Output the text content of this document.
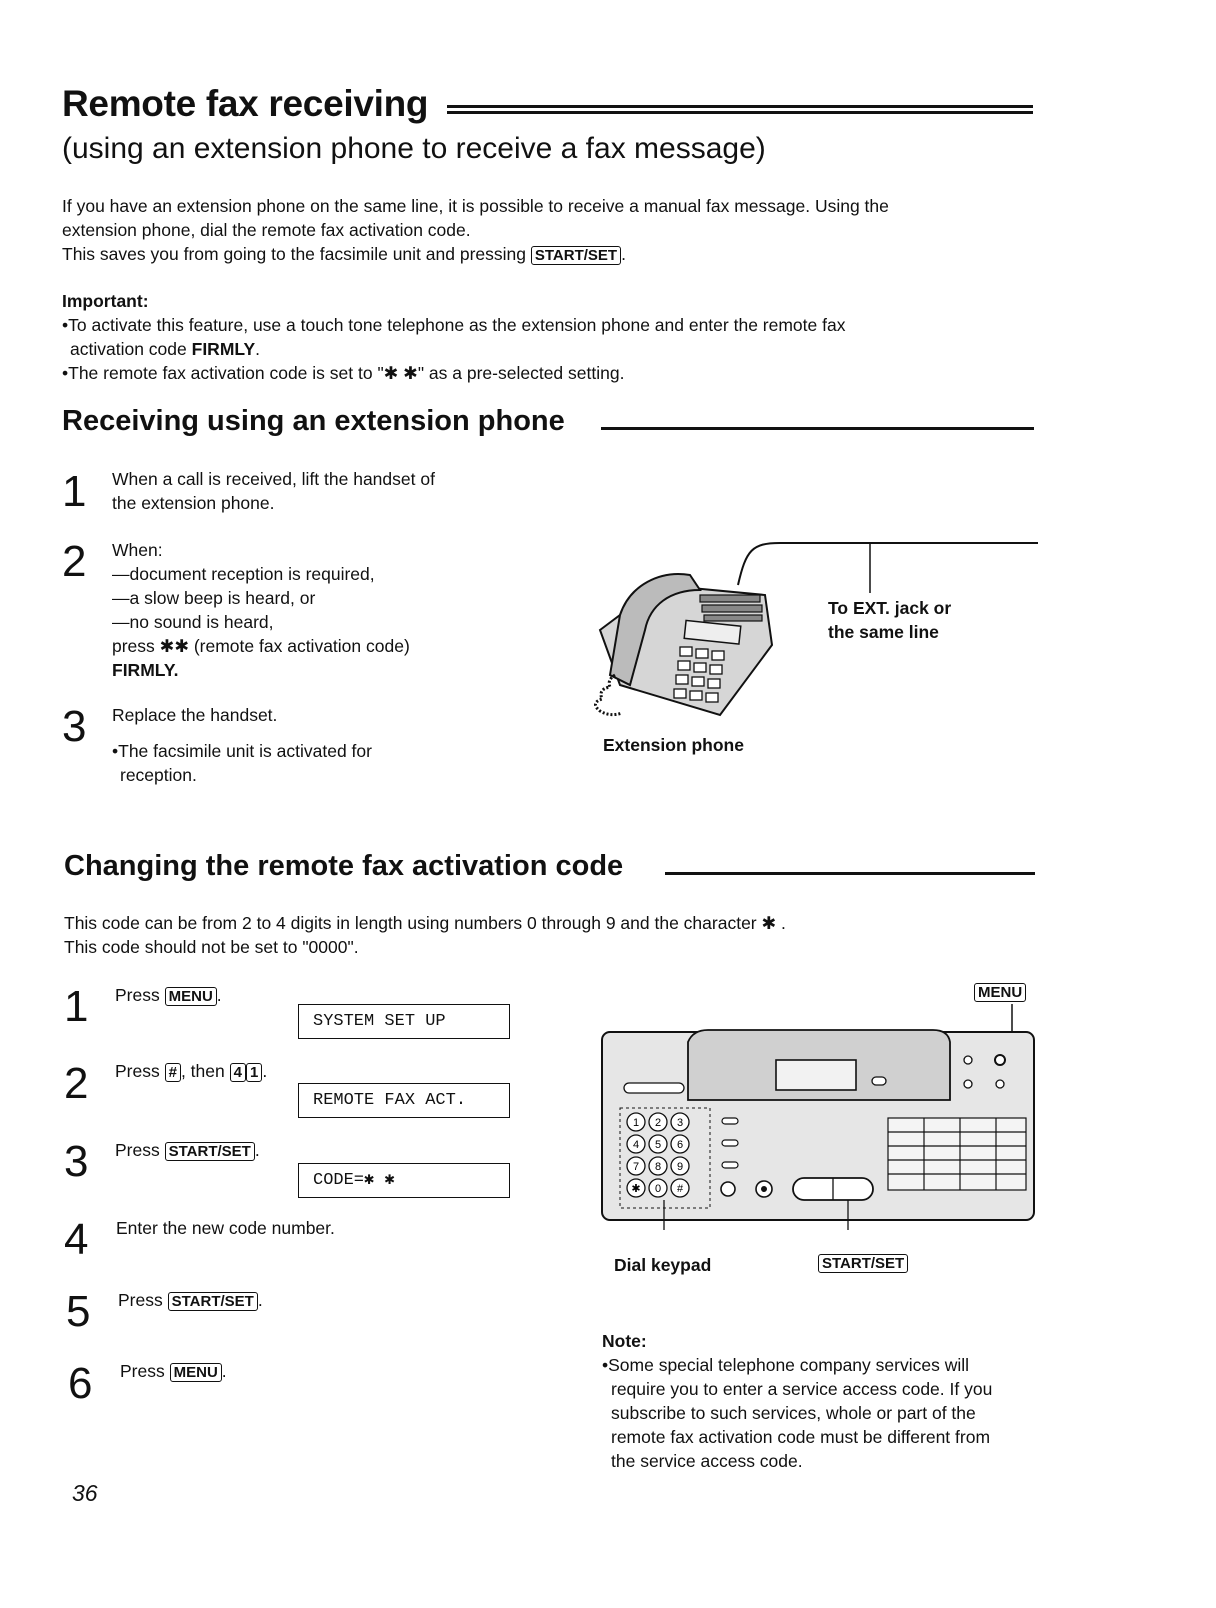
Remote fax receiving
(using an extension phone to receive a fax message)
If you have an extension phone on the same line, it is possible to receive a manual fax message. Using the
extension phone, dial the remote fax activation code.
This saves you from going to the facsimile unit and pressing START/SET .
Important:
•To activate this feature, use a touch tone telephone as the extension phone and enter the remote fax
activation code FIRMLY.
•The remote fax activation code is set to "✱ ✱" as a pre-selected setting.
Receiving using an extension phone
1 When a call is received, lift the handset of
the extension phone.
2 When:
—document reception is required,
—a slow beep is heard, or
—no sound is heard,
press ✱✱ (remote fax activation code)
FIRMLY.
3 Replace the handset.
•The facsimile unit is activated for
reception.
To EXT. jack or
the same line
Extension phone
Changing the remote fax activation code
This code can be from 2 to 4 digits in length using numbers 0 through 9 and the character ✱ .
This code should not be set to "0000".
1 Press MENU .
SYSTEM SET UP
2 Press # , then 4 1 .
REMOTE FAX ACT.
3 Press START/SET .
CODE=✱ ✱
4 Enter the new code number.
5 Press START/SET .
6 Press MENU .
MENU
1 2 3
4 5 6
7 8 9
✱ 0 #
Dial keypad	START/SET
Note:
•Some special telephone company services will
require you to enter a service access code. If you
subscribe to such services, whole or part of the
remote fax activation code must be different from
the service access code.
36
